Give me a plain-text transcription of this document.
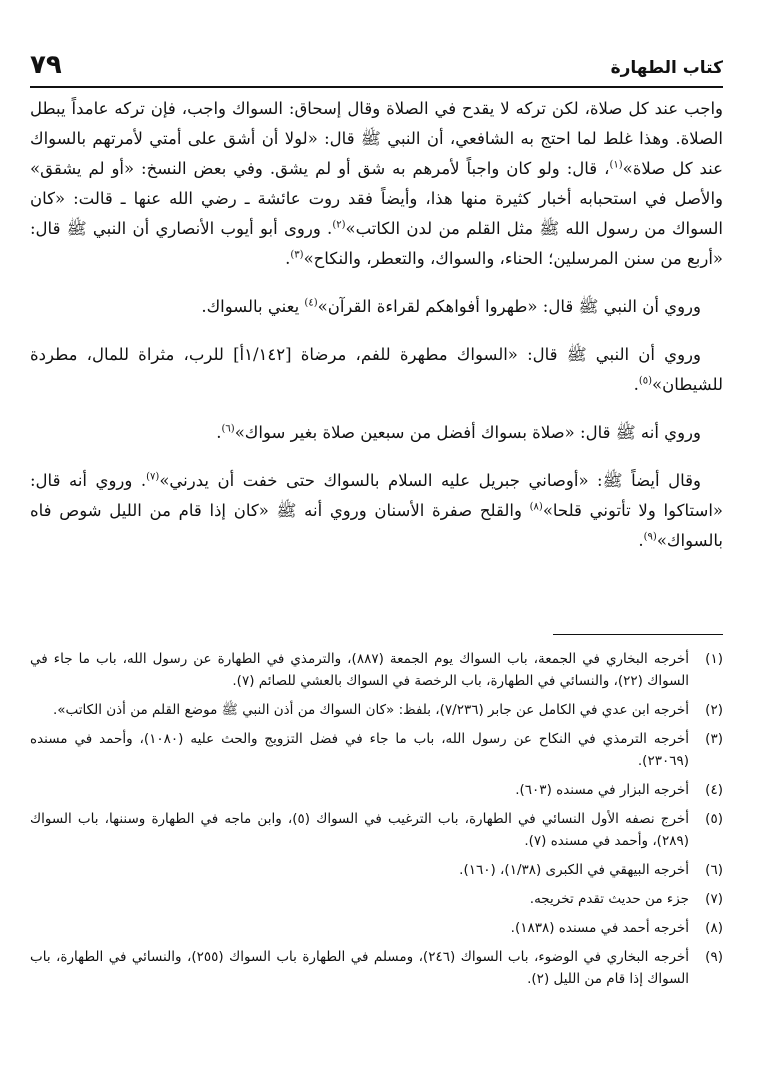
كتاب الطهارة
٧٩

واجب عند كل صلاة، لكن تركه لا يقدح في الصلاة وقال إسحاق: السواك واجب، فإن تركه عامداً يبطل الصلاة. وهذا غلط لما احتج به الشافعي، أن النبي ﷺ قال: «لولا أن أشق على أمتي لأمرتهم بالسواك عند كل صلاة»$^{(١)}$، قال: ولو كان واجباً لأمرهم به شق أو لم يشق. وفي بعض النسخ: «أو لم يشقق» والأصل في استحبابه أخبار كثيرة منها هذا، وأيضاً فقد روت عائشة ـ رضي الله عنها ـ قالت: «كان السواك من رسول الله ﷺ مثل القلم من لدن الكاتب»$^{(٢)}$. وروى أبو أيوب الأنصاري أن النبي ﷺ قال: «أربع من سنن المرسلين؛ الحناء، والسواك، والتعطر، والنكاح»$^{(٣)}$.

وروي أن النبي ﷺ قال: «طهروا أفواهكم لقراءة القرآن»$^{(٤)}$ يعني بالسواك.

وروي أن النبي ﷺ قال: «السواك مطهرة للفم، مرضاة [١/١٤٢أ] للرب، مثراة للمال، مطردة للشيطان»$^{(٥)}$.

وروي أنه ﷺ قال: «صلاة بسواك أفضل من سبعين صلاة بغير سواك»$^{(٦)}$.

وقال أيضاً ﷺ: «أوصاني جبريل عليه السلام بالسواك حتى خفت أن يدرني»$^{(٧)}$. وروي أنه قال: «استاكوا ولا تأتوني قلحا»$^{(٨)}$ والقلح صفرة الأسنان وروي أنه ﷺ «كان إذا قام من الليل شوص فاه بالسواك»$^{(٩)}$.

(١)
أخرجه البخاري في الجمعة، باب السواك يوم الجمعة (٨٨٧)، والترمذي في الطهارة عن رسول الله، باب ما جاء في السواك (٢٢)، والنسائي في الطهارة، باب الرخصة في السواك بالعشي للصائم (٧).
(٢)
أخرجه ابن عدي في الكامل عن جابر (٧/٢٣٦)، بلفظ: «كان السواك من أذن النبي ﷺ موضع القلم من أذن الكاتب».
(٣)
أخرجه الترمذي في النكاح عن رسول الله، باب ما جاء في فضل التزويج والحث عليه (١٠٨٠)، وأحمد في مسنده (٢٣٠٦٩).
(٤)
أخرجه البزار في مسنده (٦٠٣).
(٥)
أخرج نصفه الأول النسائي في الطهارة، باب الترغيب في السواك (٥)، وابن ماجه في الطهارة وسننها، باب السواك (٢٨٩)، وأحمد في مسنده (٧).
(٦)
أخرجه البيهقي في الكبرى (١/٣٨)، (١٦٠).
(٧)
جزء من حديث تقدم تخريجه.
(٨)
أخرجه أحمد في مسنده (١٨٣٨).
(٩)
أخرجه البخاري في الوضوء، باب السواك (٢٤٦)، ومسلم في الطهارة باب السواك (٢٥٥)، والنسائي في الطهارة، باب السواك إذا قام من الليل (٢).
